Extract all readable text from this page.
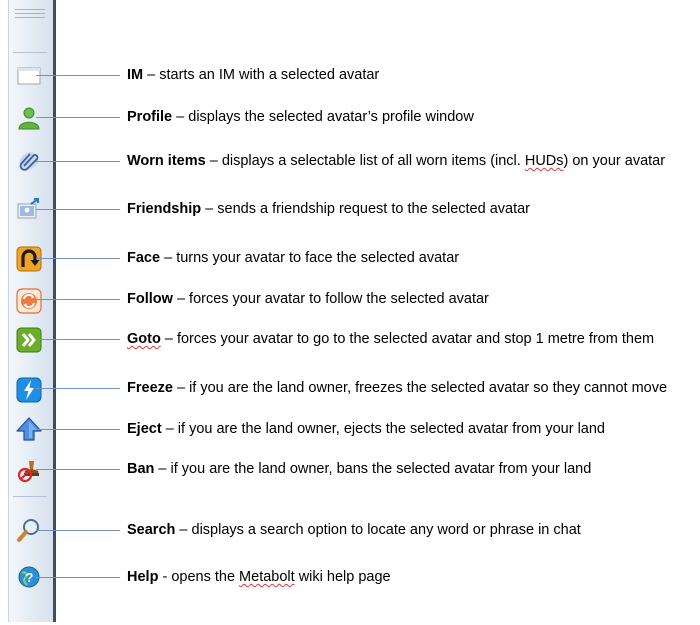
?
IM – starts an IM with a selected avatar
Profile – displays the selected avatar’s profile window
Worn items – displays a selectable list of all worn items (incl. HUDs) on your avatar
Friendship – sends a friendship request to the selected avatar
Face – turns your avatar to face the selected avatar
Follow – forces your avatar to follow the selected avatar
Goto – forces your avatar to go to the selected avatar and stop 1 metre from them
Freeze – if you are the land owner, freezes the selected avatar so they cannot move
Eject – if you are the land owner, ejects the selected avatar from your land
Ban – if you are the land owner, bans the selected avatar from your land
Search – displays a search option to locate any word or phrase in chat
Help - opens the Metabolt wiki help page
